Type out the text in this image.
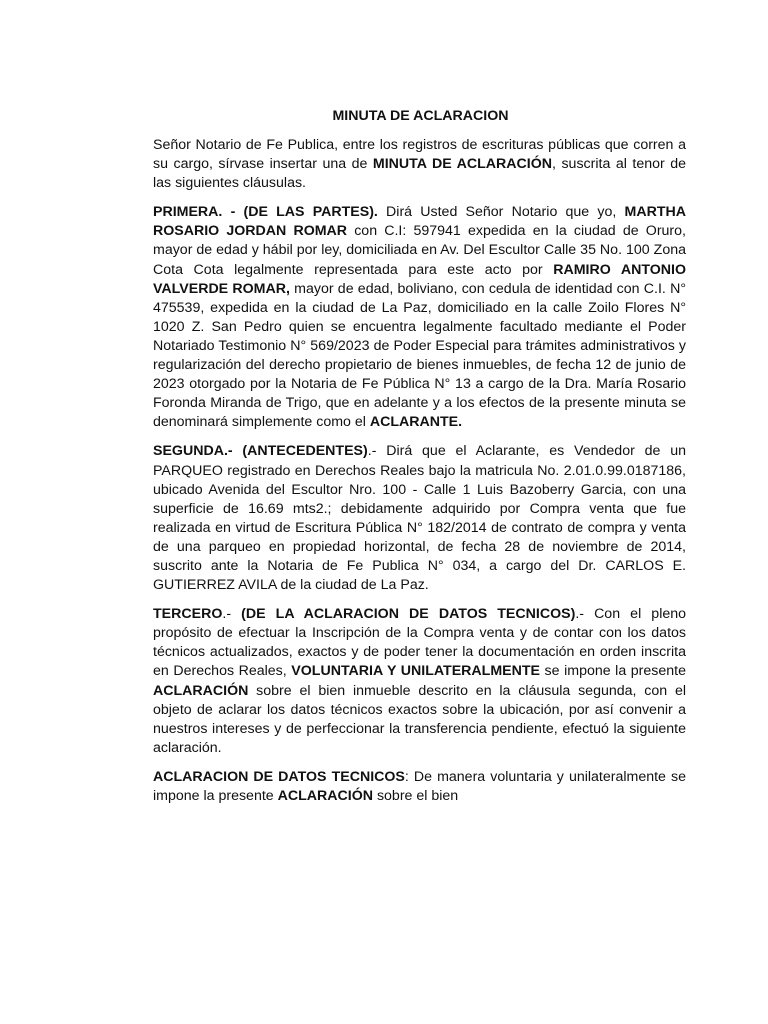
MINUTA DE ACLARACION

Señor Notario de Fe Publica, entre los registros de escrituras públicas que corren a su cargo, sírvase insertar una de MINUTA DE ACLARACIÓN, suscrita al tenor de las siguientes cláusulas.

PRIMERA. - (DE LAS PARTES). Dirá Usted Señor Notario que yo, MARTHA ROSARIO JORDAN ROMAR con C.I: 597941 expedida en la ciudad de Oruro, mayor de edad y hábil por ley, domiciliada en Av. Del Escultor Calle 35 No. 100 Zona Cota Cota legalmente representada para este acto por RAMIRO ANTONIO VALVERDE ROMAR, mayor de edad, boliviano, con cedula de identidad con C.I. N° 475539, expedida en la ciudad de La Paz, domiciliado en la calle Zoilo Flores N° 1020 Z. San Pedro quien se encuentra legalmente facultado mediante el Poder Notariado Testimonio N° 569/2023 de Poder Especial para trámites administrativos y regularización del derecho propietario de bienes inmuebles, de fecha 12 de junio de 2023 otorgado por la Notaria de Fe Pública N° 13 a cargo de la Dra. María Rosario Foronda Miranda de Trigo, que en adelante y a los efectos de la presente minuta se denominará simplemente como el ACLARANTE.

SEGUNDA.- (ANTECEDENTES).- Dirá que el Aclarante, es Vendedor de un PARQUEO registrado en Derechos Reales bajo la matricula No. 2.01.0.99.0187186, ubicado Avenida del Escultor Nro. 100 - Calle 1 Luis Bazoberry Garcia, con una superficie de 16.69 mts2.; debidamente adquirido por Compra venta que fue realizada en virtud de Escritura Pública N° 182/2014 de contrato de compra y venta de una parqueo en propiedad horizontal, de fecha 28 de noviembre de 2014, suscrito ante la Notaria de Fe Publica N° 034, a cargo del Dr. CARLOS E. GUTIERREZ AVILA de la ciudad de La Paz.

TERCERO.- (DE LA ACLARACION DE DATOS TECNICOS).- Con el pleno propósito de efectuar la Inscripción de la Compra venta y de contar con los datos técnicos actualizados, exactos y de poder tener la documentación en orden inscrita en Derechos Reales, VOLUNTARIA Y UNILATERALMENTE se impone la presente ACLARACIÓN sobre el bien inmueble descrito en la cláusula segunda, con el objeto de aclarar los datos técnicos exactos sobre la ubicación, por así convenir a nuestros intereses y de perfeccionar la transferencia pendiente, efectuó la siguiente aclaración.

ACLARACION DE DATOS TECNICOS: De manera voluntaria y unilateralmente se impone la presente ACLARACIÓN sobre el bien
